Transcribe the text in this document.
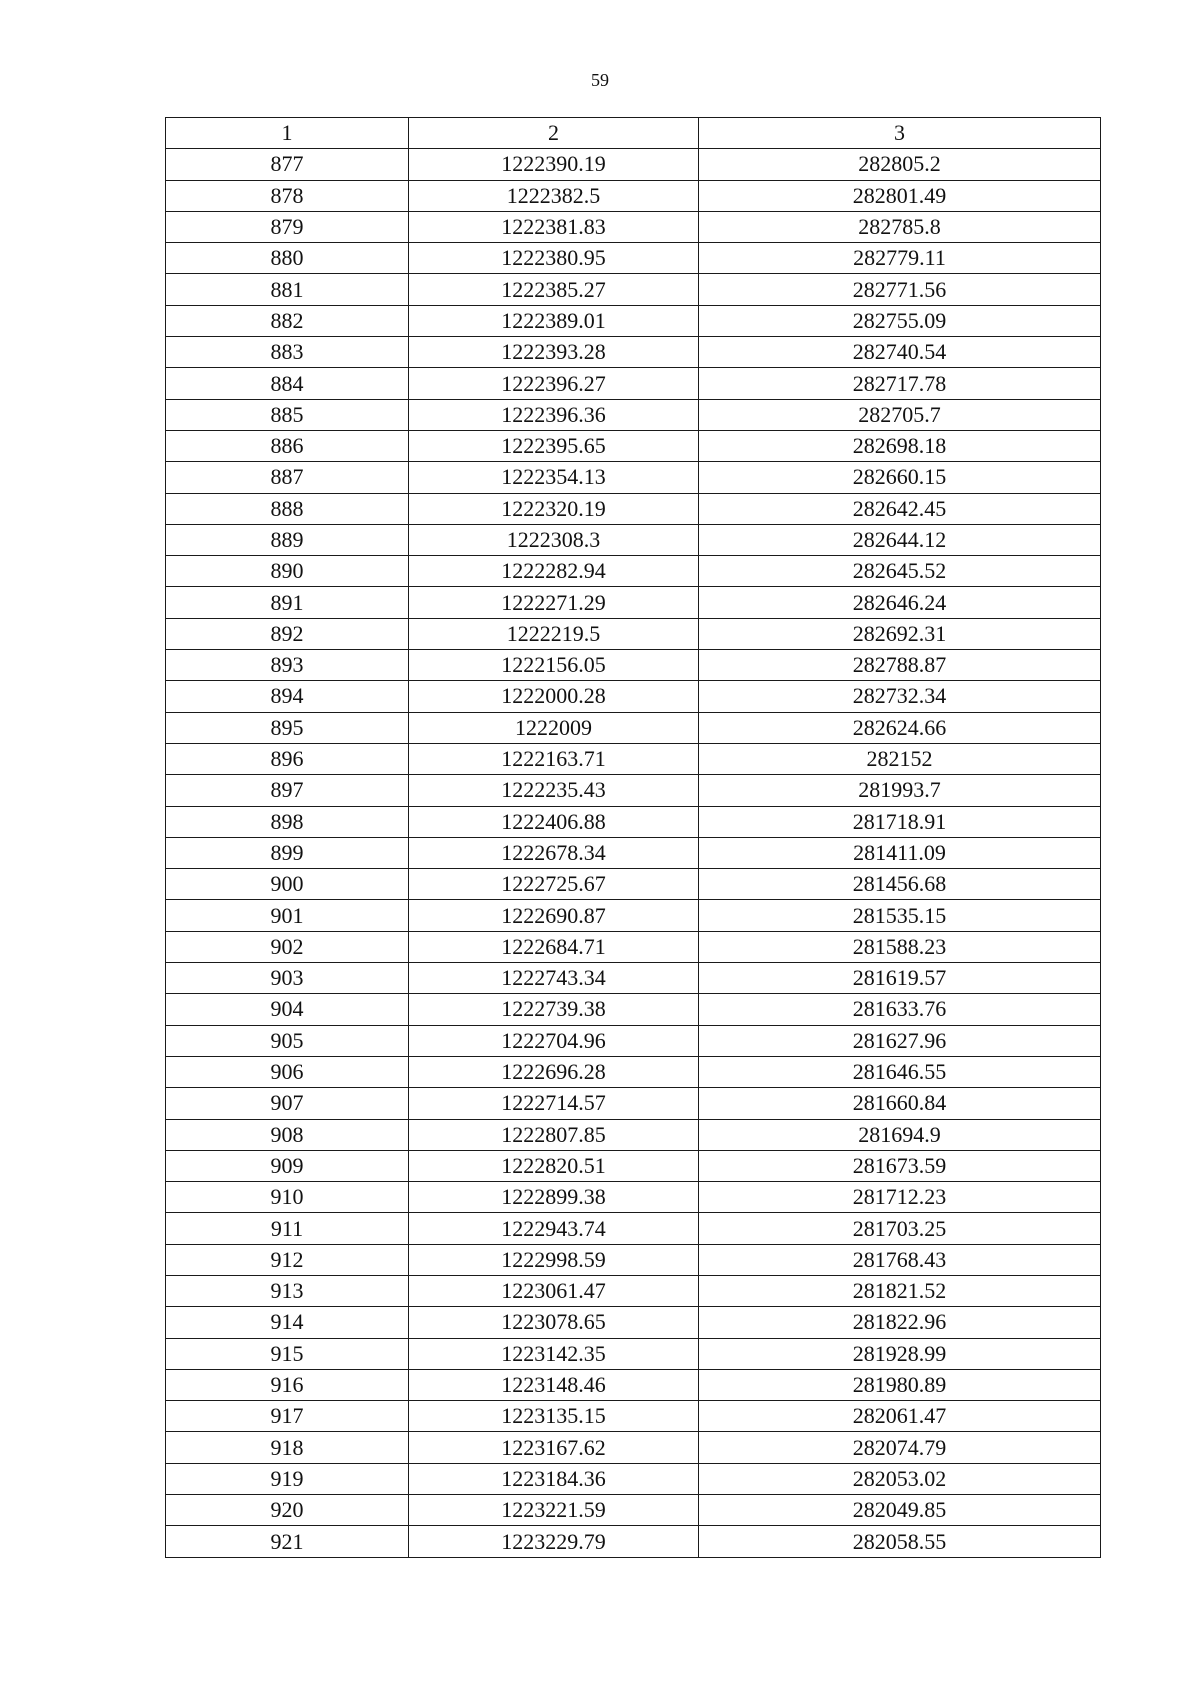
59
1	2	3
877	1222390.19	282805.2
878	1222382.5	282801.49
879	1222381.83	282785.8
880	1222380.95	282779.11
881	1222385.27	282771.56
882	1222389.01	282755.09
883	1222393.28	282740.54
884	1222396.27	282717.78
885	1222396.36	282705.7
886	1222395.65	282698.18
887	1222354.13	282660.15
888	1222320.19	282642.45
889	1222308.3	282644.12
890	1222282.94	282645.52
891	1222271.29	282646.24
892	1222219.5	282692.31
893	1222156.05	282788.87
894	1222000.28	282732.34
895	1222009	282624.66
896	1222163.71	282152
897	1222235.43	281993.7
898	1222406.88	281718.91
899	1222678.34	281411.09
900	1222725.67	281456.68
901	1222690.87	281535.15
902	1222684.71	281588.23
903	1222743.34	281619.57
904	1222739.38	281633.76
905	1222704.96	281627.96
906	1222696.28	281646.55
907	1222714.57	281660.84
908	1222807.85	281694.9
909	1222820.51	281673.59
910	1222899.38	281712.23
911	1222943.74	281703.25
912	1222998.59	281768.43
913	1223061.47	281821.52
914	1223078.65	281822.96
915	1223142.35	281928.99
916	1223148.46	281980.89
917	1223135.15	282061.47
918	1223167.62	282074.79
919	1223184.36	282053.02
920	1223221.59	282049.85
921	1223229.79	282058.55
